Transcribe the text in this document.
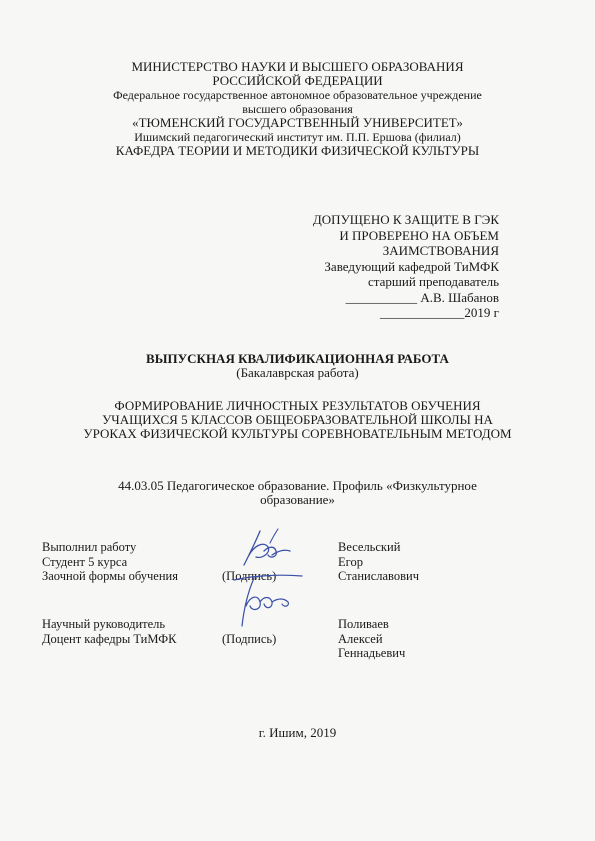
МИНИСТЕРСТВО НАУКИ И ВЫСШЕГО ОБРАЗОВАНИЯ
РОССИЙСКОЙ ФЕДЕРАЦИИ
Федеральное государственное автономное образовательное учреждение
высшего образования
«ТЮМЕНСКИЙ ГОСУДАРСТВЕННЫЙ УНИВЕРСИТЕТ»
Ишимский педагогический институт им. П.П. Ершова (филиал)
КАФЕДРА ТЕОРИИ И МЕТОДИКИ ФИЗИЧЕСКОЙ КУЛЬТУРЫ
ДОПУЩЕНО К ЗАЩИТЕ В ГЭК
И ПРОВЕРЕНО НА ОБЪЕМ
ЗАИМСТВОВАНИЯ
Заведующий кафедрой ТиМФК
старший преподаватель
___________ А.В. Шабанов
_____________2019 г
ВЫПУСКНАЯ КВАЛИФИКАЦИОННАЯ РАБОТА
(Бакалаврская работа)
ФОРМИРОВАНИЕ ЛИЧНОСТНЫХ РЕЗУЛЬТАТОВ ОБУЧЕНИЯ
УЧАЩИХСЯ 5 КЛАССОВ ОБЩЕОБРАЗОВАТЕЛЬНОЙ ШКОЛЫ НА
УРОКАХ ФИЗИЧЕСКОЙ КУЛЬТУРЫ СОРЕВНОВАТЕЛЬНЫМ МЕТОДОМ
44.03.05 Педагогическое образование. Профиль «Физкультурное
образование»
Выполнил работу
Студент 5 курса
Заочной формы обучения	(Подпись)
Весельский
Егор
Станиславович
Научный руководитель
Доцент кафедры ТиМФК	(Подпись)
Поливаев
Алексей
Геннадьевич
г. Ишим, 2019
